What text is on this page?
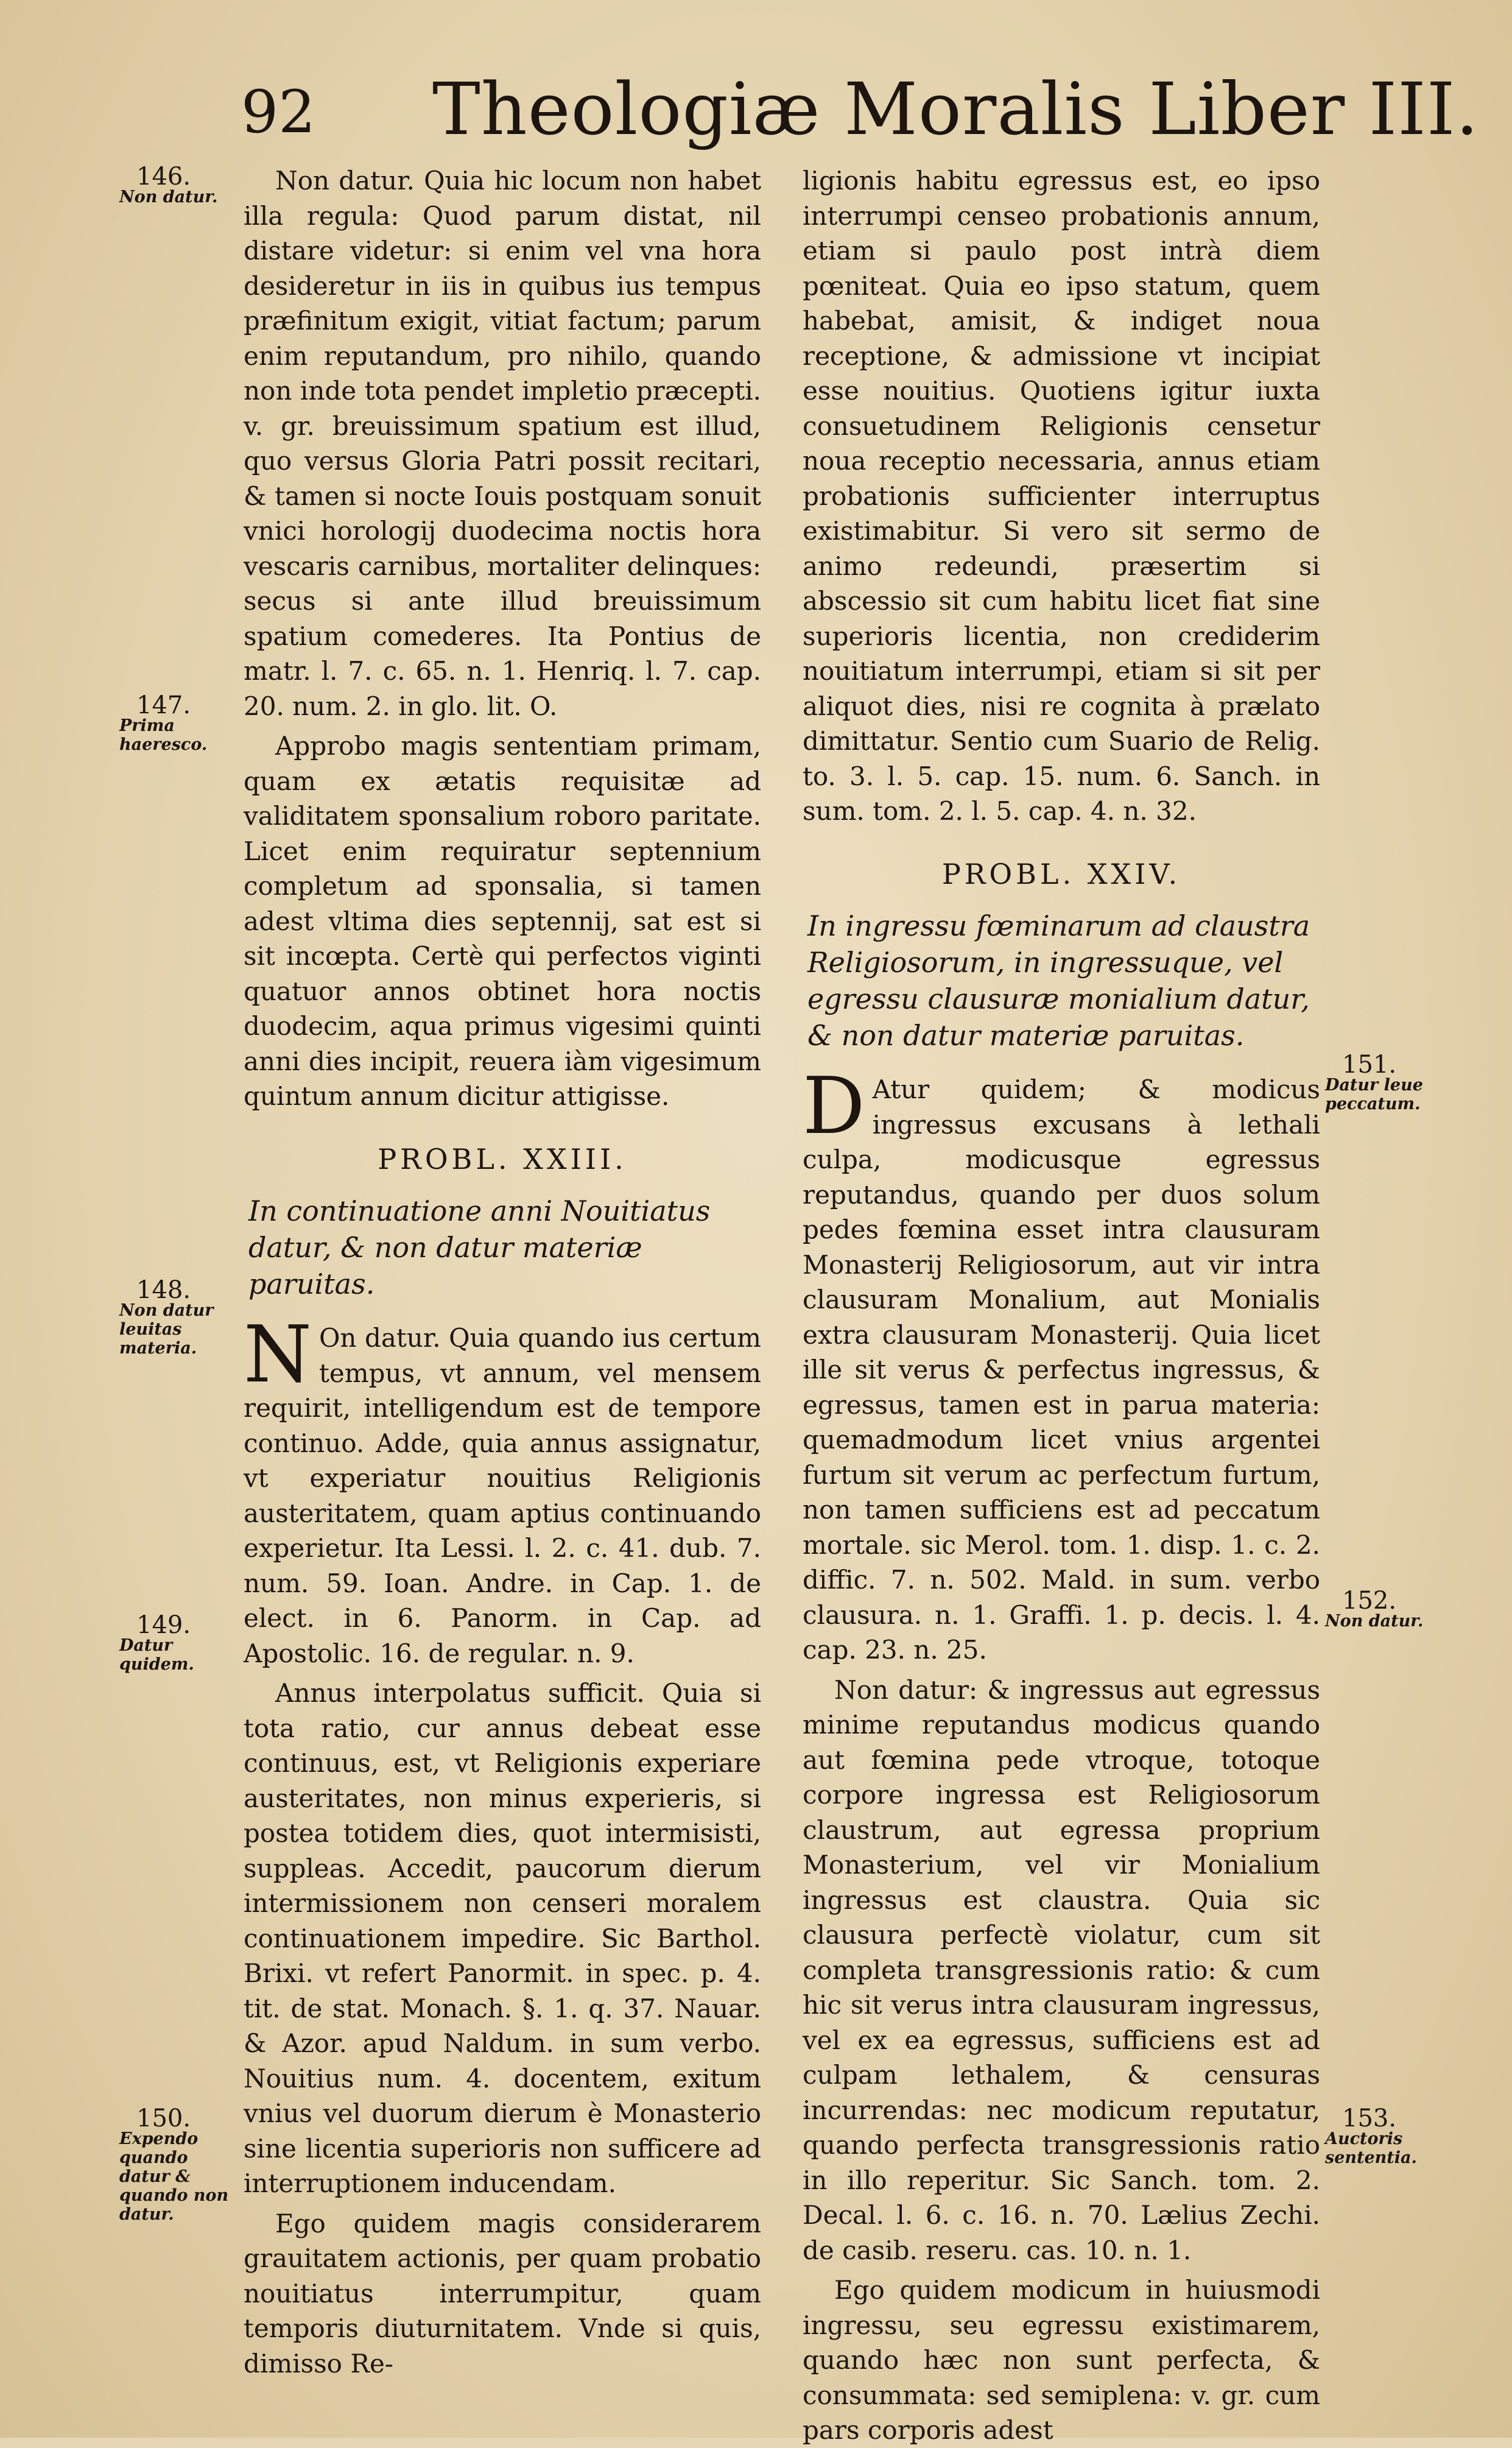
92 Theologiæ Moralis Liber III.
146.
Non datur.
147.
Prima haeresco.
148.
Non datur leuitas materia.
149.
Datur quidem.
150.
Expendo quando datur & quando non datur.
151.
Datur leue peccatum.
152.
Non datur.
153.
Auctoris sententia.

Non datur. Quia hic locum non habet illa regula: Quod parum distat, nil distare videtur: si enim vel vna hora desideretur in iis in quibus ius tempus præfinitum exigit, vitiat factum; parum enim reputandum, pro nihilo, quando non inde tota pendet impletio præcepti. v. gr. breuissimum spatium est illud, quo versus Gloria Patri possit recitari, & tamen si nocte Iouis postquam sonuit vnici horologij duodecima noctis hora vescaris carnibus, mortaliter delinques: secus si ante illud breuissimum spatium comederes. Ita Pontius de matr. l. 7. c. 65. n. 1. Henriq. l. 7. cap. 20. num. 2. in glo. lit. O.

Approbo magis sententiam primam, quam ex ætatis requisitæ ad validitatem sponsalium roboro paritate. Licet enim requiratur septennium completum ad sponsalia, si tamen adest vltima dies septennij, sat est si sit incœpta. Certè qui perfectos viginti quatuor annos obtinet hora noctis duodecim, aqua primus vigesimi quinti anni dies incipit, reuera iàm vigesimum quintum annum dicitur attigisse.

PROBL. XXIII.
In continuatione anni Nouitiatus datur, & non datur materiæ paruitas.

N On datur. Quia quando ius certum tempus, vt annum, vel mensem requirit, intelligendum est de tempore continuo. Adde, quia annus assignatur, vt experiatur nouitius Religionis austeritatem, quam aptius continuando experietur. Ita Lessi. l. 2. c. 41. dub. 7. num. 59. Ioan. Andre. in Cap. 1. de elect. in 6. Panorm. in Cap. ad Apostolic. 16. de regular. n. 9.

Annus interpolatus sufficit. Quia si tota ratio, cur annus debeat esse continuus, est, vt Religionis experiare austeritates, non minus experieris, si postea totidem dies, quot intermisisti, suppleas. Accedit, paucorum dierum intermissionem non censeri moralem continuationem impedire. Sic Barthol. Brixi. vt refert Panormit. in spec. p. 4. tit. de stat. Monach. §. 1. q. 37. Nauar. & Azor. apud Naldum. in sum verbo. Nouitius num. 4. docentem, exitum vnius vel duorum dierum è Monasterio sine licentia superioris non sufficere ad interruptionem inducendam.

Ego quidem magis considerarem grauitatem actionis, per quam probatio nouitiatus interrumpitur, quam temporis diuturnitatem. Vnde si quis, dimisso Re-

ligionis habitu egressus est, eo ipso interrumpi censeo probationis annum, etiam si paulo post intrà diem pœniteat. Quia eo ipso statum, quem habebat, amisit, & indiget noua receptione, & admissione vt incipiat esse nouitius. Quotiens igitur iuxta consuetudinem Religionis censetur noua receptio necessaria, annus etiam probationis sufficienter interruptus existimabitur. Si vero sit sermo de animo redeundi, præsertim si abscessio sit cum habitu licet fiat sine superioris licentia, non crediderim nouitiatum interrumpi, etiam si sit per aliquot dies, nisi re cognita à prælato dimittatur. Sentio cum Suario de Relig. to. 3. l. 5. cap. 15. num. 6. Sanch. in sum. tom. 2. l. 5. cap. 4. n. 32.

PROBL. XXIV.
In ingressu fœminarum ad claustra Religiosorum, in ingressuque, vel egressu clausuræ monialium datur, & non datur materiæ paruitas.

D Atur quidem; & modicus ingressus excusans à lethali culpa, modicusque egressus reputandus, quando per duos solum pedes fœmina esset intra clausuram Monasterij Religiosorum, aut vir intra clausuram Monalium, aut Monialis extra clausuram Monasterij. Quia licet ille sit verus & perfectus ingressus, & egressus, tamen est in parua materia: quemadmodum licet vnius argentei furtum sit verum ac perfectum furtum, non tamen sufficiens est ad peccatum mortale. sic Merol. tom. 1. disp. 1. c. 2. diffic. 7. n. 502. Mald. in sum. verbo clausura. n. 1. Graffi. 1. p. decis. l. 4. cap. 23. n. 25.

Non datur: & ingressus aut egressus minime reputandus modicus quando aut fœmina pede vtroque, totoque corpore ingressa est Religiosorum claustrum, aut egressa proprium Monasterium, vel vir Monialium ingressus est claustra. Quia sic clausura perfectè violatur, cum sit completa transgressionis ratio: & cum hic sit verus intra clausuram ingressus, vel ex ea egressus, sufficiens est ad culpam lethalem, & censuras incurrendas: nec modicum reputatur, quando perfecta transgressionis ratio in illo reperitur. Sic Sanch. tom. 2. Decal. l. 6. c. 16. n. 70. Lælius Zechi. de casib. reseru. cas. 10. n. 1.

Ego quidem modicum in huiusmodi ingressu, seu egressu existimarem, quando hæc non sunt perfecta, & consummata: sed semiplena: v. gr. cum pars corporis adest
